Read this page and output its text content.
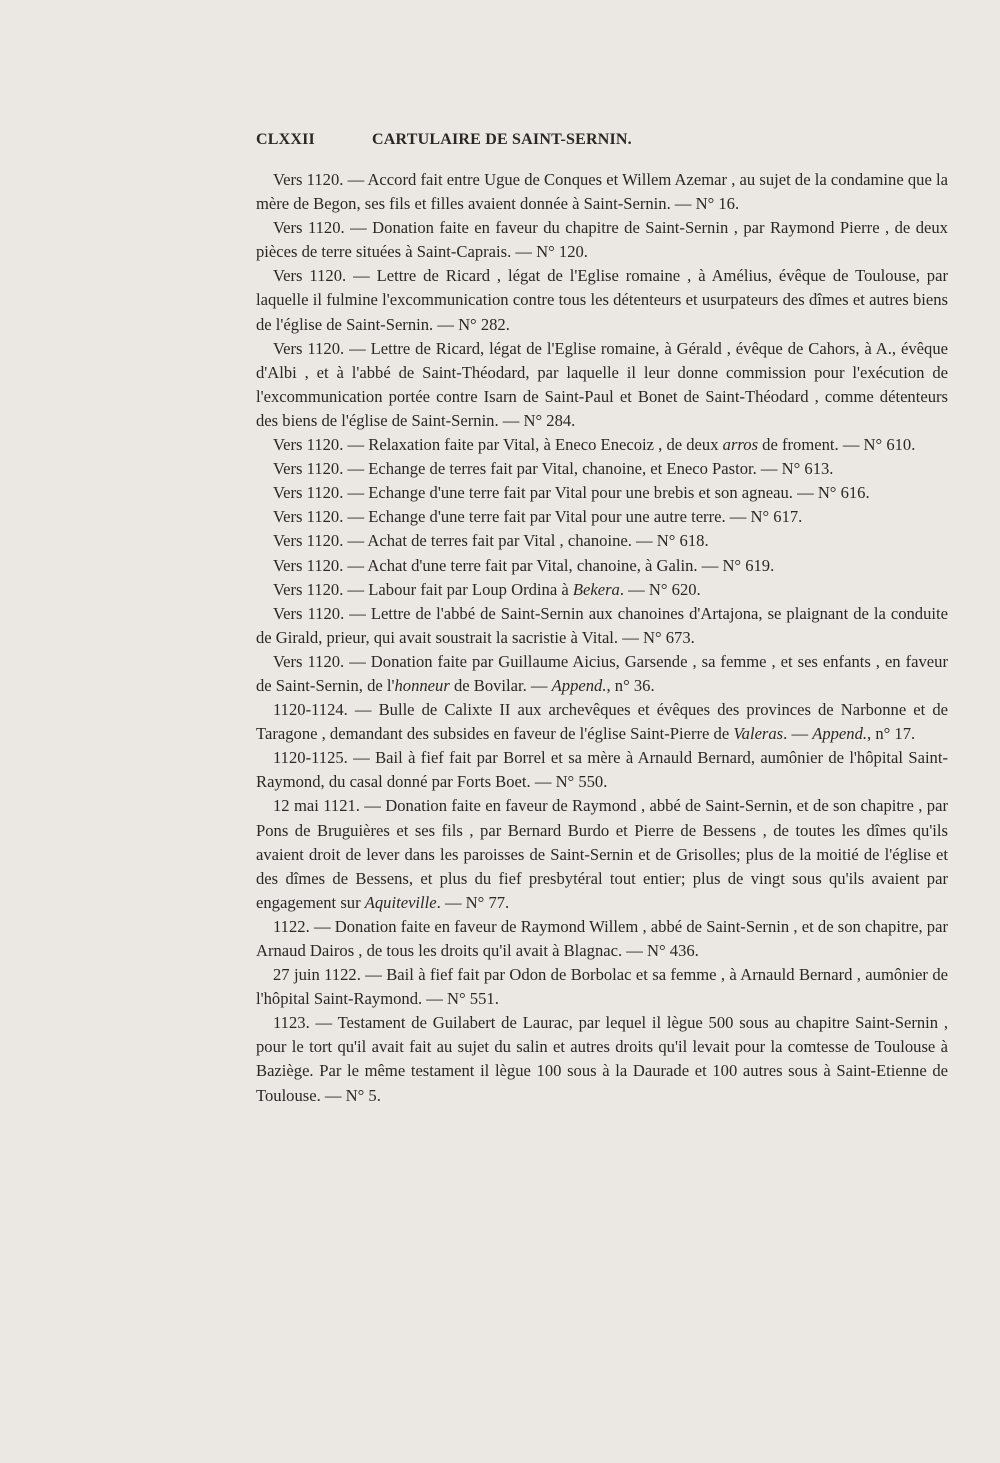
CLXXII	CARTULAIRE DE SAINT-SERNIN.

Vers 1120. — Accord fait entre Ugue de Conques et Willem Azemar , au sujet de la condamine que la mère de Begon, ses fils et filles avaient donnée à Saint-Sernin. — N° 16.

Vers 1120. — Donation faite en faveur du chapitre de Saint-Sernin , par Raymond Pierre , de deux pièces de terre situées à Saint-Caprais. — N° 120.

Vers 1120. — Lettre de Ricard , légat de l'Eglise romaine , à Amélius, évêque de Toulouse, par laquelle il fulmine l'excommunication contre tous les détenteurs et usurpateurs des dîmes et autres biens de l'église de Saint-Sernin. — N° 282.

Vers 1120. — Lettre de Ricard, légat de l'Eglise romaine, à Gérald , évêque de Cahors, à A., évêque d'Albi , et à l'abbé de Saint-Théodard, par laquelle il leur donne commission pour l'exécution de l'excommunication portée contre Isarn de Saint-Paul et Bonet de Saint-Théodard , comme détenteurs des biens de l'église de Saint-Sernin. — N° 284.

Vers 1120. — Relaxation faite par Vital, à Eneco Enecoiz , de deux arros de froment. — N° 610.

Vers 1120. — Echange de terres fait par Vital, chanoine, et Eneco Pastor. — N° 613.

Vers 1120. — Echange d'une terre fait par Vital pour une brebis et son agneau. — N° 616.

Vers 1120. — Echange d'une terre fait par Vital pour une autre terre. — N° 617.

Vers 1120. — Achat de terres fait par Vital , chanoine. — N° 618.

Vers 1120. — Achat d'une terre fait par Vital, chanoine, à Galin. — N° 619.

Vers 1120. — Labour fait par Loup Ordina à Bekera. — N° 620.

Vers 1120. — Lettre de l'abbé de Saint-Sernin aux chanoines d'Artajona, se plaignant de la conduite de Girald, prieur, qui avait soustrait la sacristie à Vital. — N° 673.

Vers 1120. — Donation faite par Guillaume Aicius, Garsende , sa femme , et ses enfants , en faveur de Saint-Sernin, de l'honneur de Bovilar. — Append., n° 36.

1120-1124. — Bulle de Calixte II aux archevêques et évêques des provinces de Narbonne et de Taragone , demandant des subsides en faveur de l'église Saint-Pierre de Valeras. — Append., n° 17.

1120-1125. — Bail à fief fait par Borrel et sa mère à Arnauld Bernard, aumônier de l'hôpital Saint-Raymond, du casal donné par Forts Boet. — N° 550.

12 mai 1121. — Donation faite en faveur de Raymond , abbé de Saint-Sernin, et de son chapitre , par Pons de Bruguières et ses fils , par Bernard Burdo et Pierre de Bessens , de toutes les dîmes qu'ils avaient droit de lever dans les paroisses de Saint-Sernin et de Grisolles; plus de la moitié de l'église et des dîmes de Bessens, et plus du fief presbytéral tout entier; plus de vingt sous qu'ils avaient par engagement sur Aquiteville. — N° 77.

1122. — Donation faite en faveur de Raymond Willem , abbé de Saint-Sernin , et de son chapitre, par Arnaud Dairos , de tous les droits qu'il avait à Blagnac. — N° 436.

27 juin 1122. — Bail à fief fait par Odon de Borbolac et sa femme , à Arnauld Bernard , aumônier de l'hôpital Saint-Raymond. — N° 551.

1123. — Testament de Guilabert de Laurac, par lequel il lègue 500 sous au chapitre Saint-Sernin , pour le tort qu'il avait fait au sujet du salin et autres droits qu'il levait pour la comtesse de Toulouse à Baziège. Par le même testament il lègue 100 sous à la Daurade et 100 autres sous à Saint-Etienne de Toulouse. — N° 5.
